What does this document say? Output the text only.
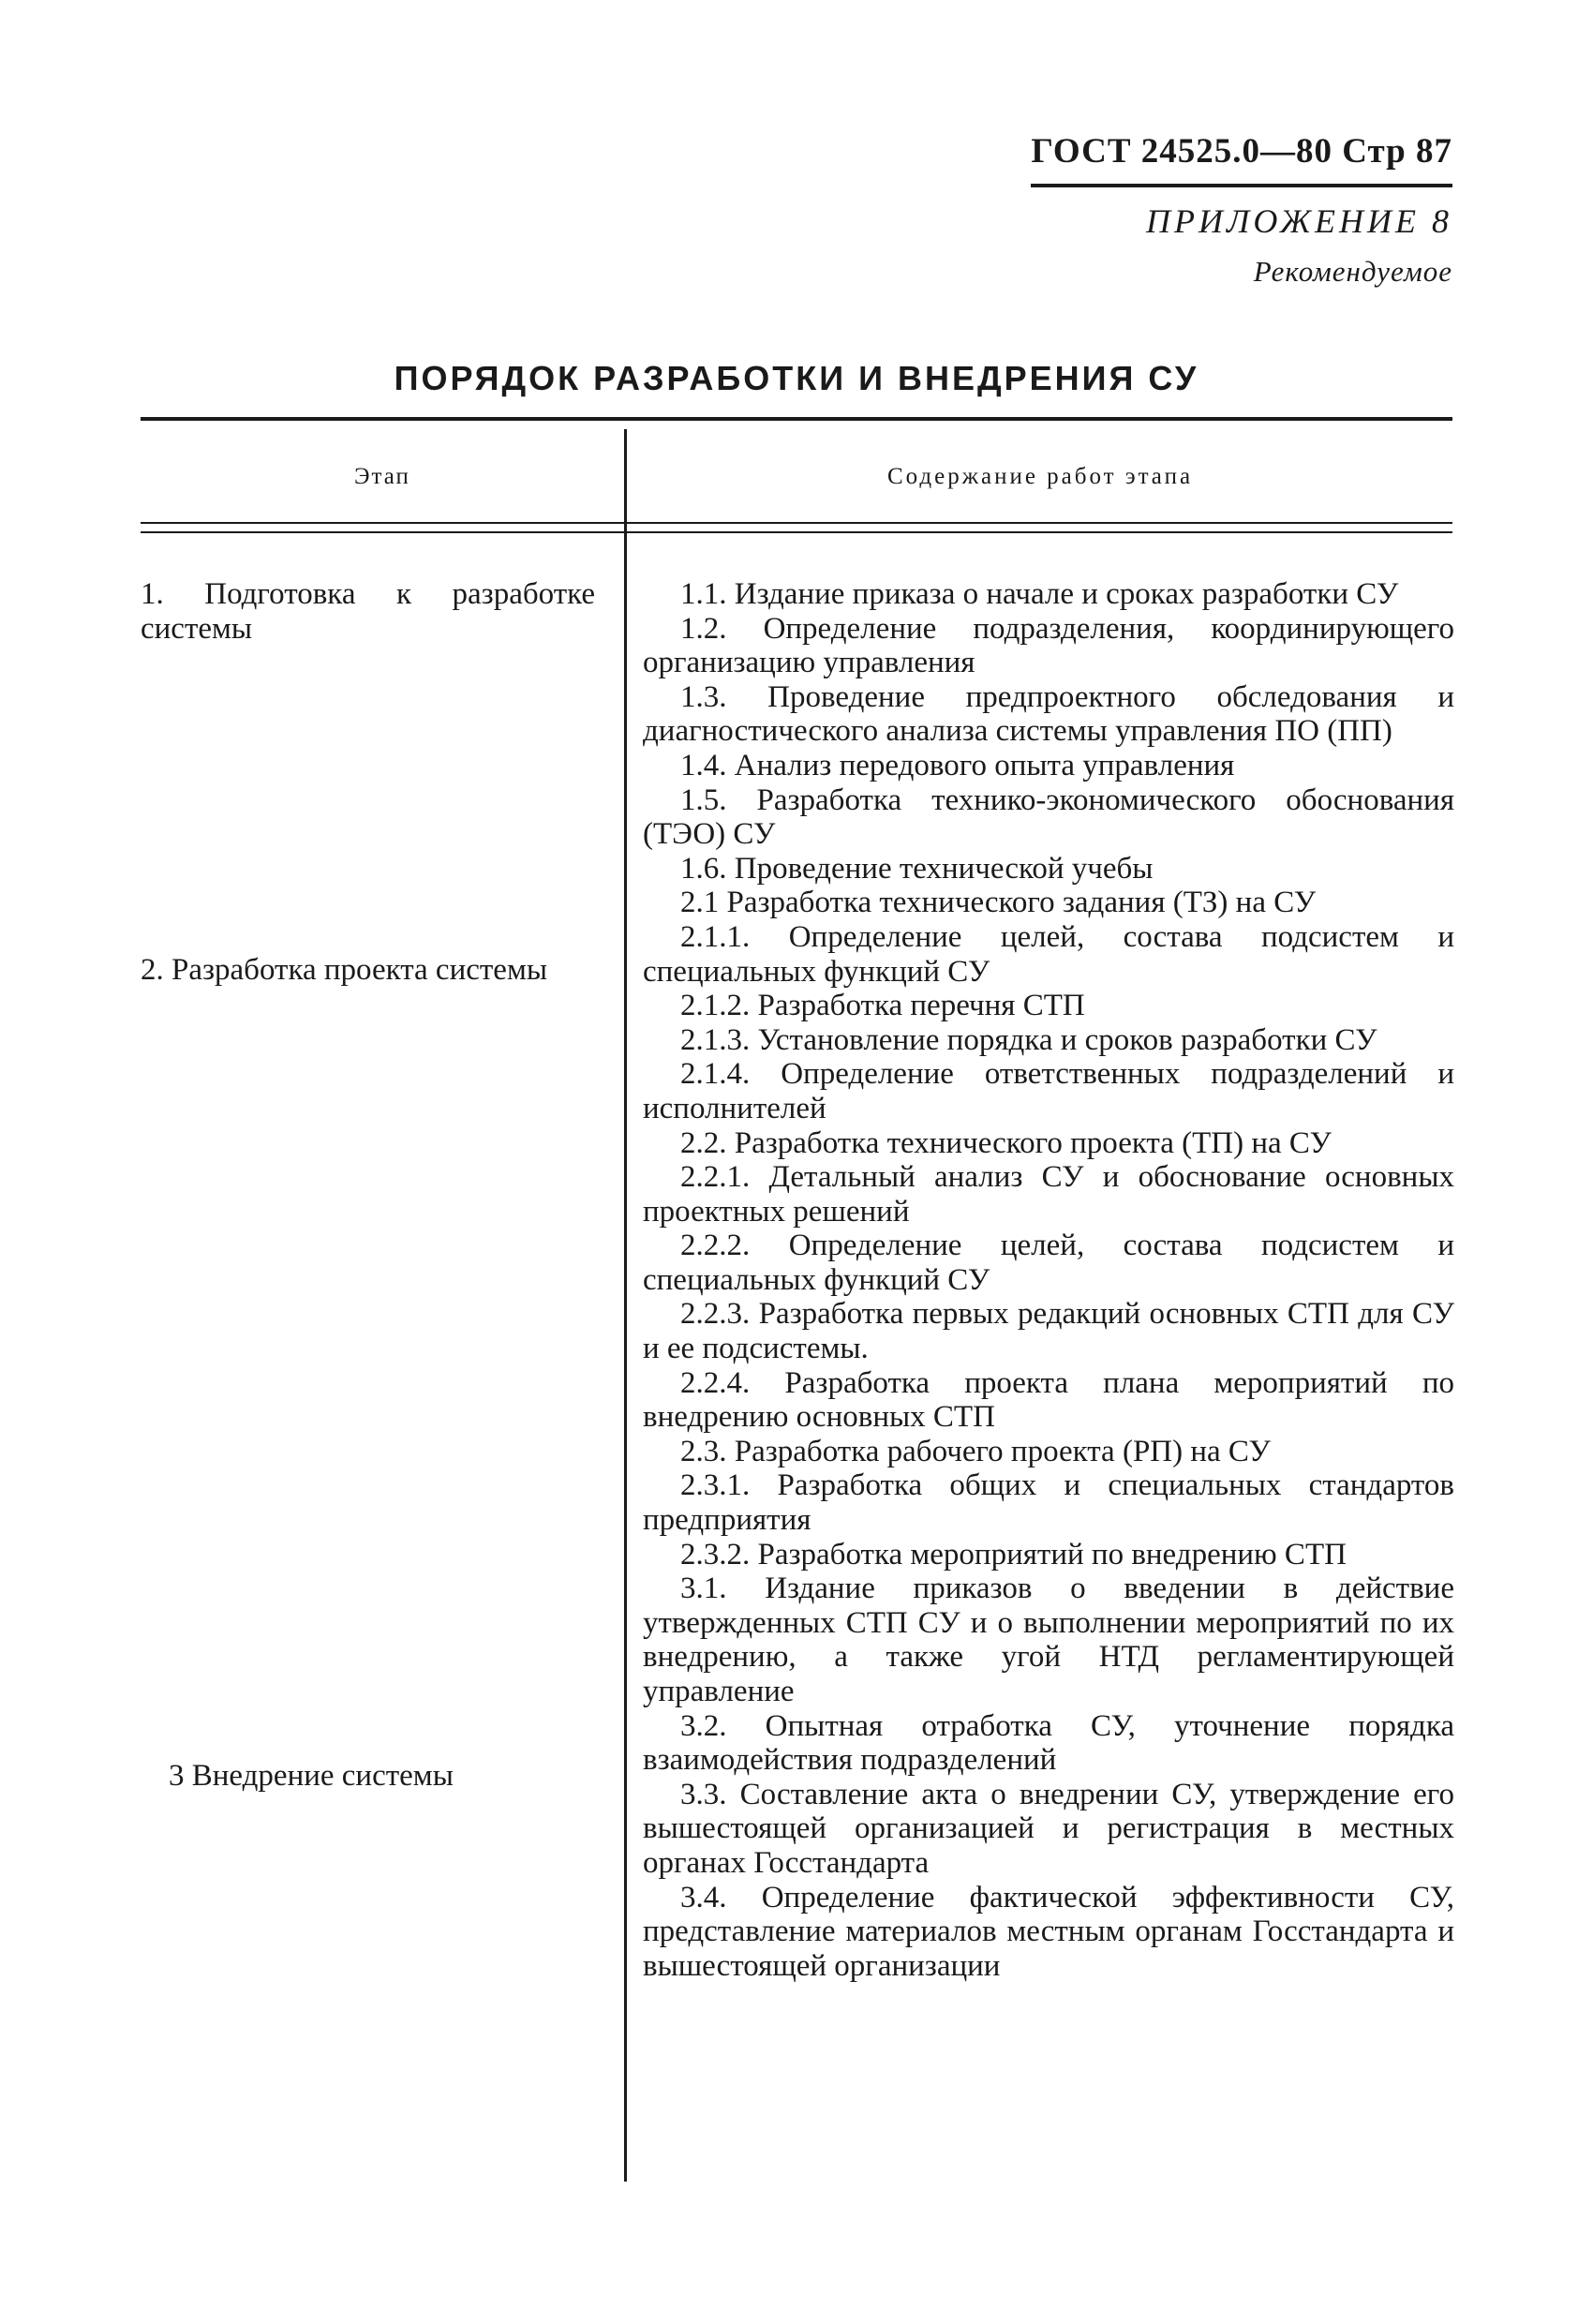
ГОСТ 24525.0—80 Стр 87
ПРИЛОЖЕНИЕ 8
Рекомендуемое
ПОРЯДОК РАЗРАБОТКИ И ВНЕДРЕНИЯ СУ
Этап	Содержание работ этапа
1. Подготовка к разработке системы
2. Разработка проекта системы
3 Внедрение системы

1.1. Издание приказа о начале и сроках разработки СУ

1.2. Определение подразделения, координирующего организацию управления

1.3. Проведение предпроектного обследования и диагностического анализа системы управления ПО (ПП)

1.4. Анализ передового опыта управления

1.5. Разработка технико-экономического обоснования (ТЭО) СУ

1.6. Проведение технической учебы

2.1 Разработка технического задания (ТЗ) на СУ

2.1.1. Определение целей, состава подсистем и специальных функций СУ

2.1.2. Разработка перечня СТП

2.1.3. Установление порядка и сроков разработки СУ

2.1.4. Определение ответственных подразделений и исполнителей

2.2. Разработка технического проекта (ТП) на СУ

2.2.1. Детальный анализ СУ и обоснование основных проектных решений

2.2.2. Определение целей, состава подсистем и специальных функций СУ

2.2.3. Разработка первых редакций основных СТП для СУ и ее подсистемы.

2.2.4. Разработка проекта плана мероприятий по внедрению основных СТП

2.3. Разработка рабочего проекта (РП) на СУ

2.3.1. Разработка общих и специальных стандартов предприятия

2.3.2. Разработка мероприятий по внедрению СТП

3.1. Издание приказов о введении в действие утвержденных СТП СУ и о выполнении мероприятий по их внедрению, а также угой НТД регламентирующей управление

3.2. Опытная отработка СУ, уточнение порядка взаимодействия подразделений

3.3. Составление акта о внедрении СУ, утверждение его вышестоящей организацией и регистрация в местных органах Госстандарта

3.4. Определение фактической эффективности СУ, представление материалов местным органам Госстандарта и вышестоящей организации
